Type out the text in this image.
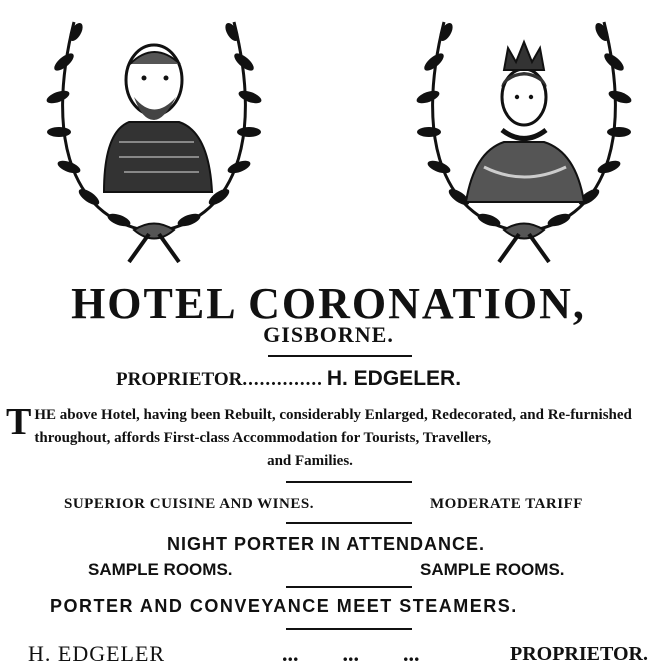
HOTEL CORONATION,
GISBORNE.
PROPRIETOR.............. H. EDGELER.
T HE above Hotel, having been Rebuilt, considerably Enlarged, Redecorated, and Re-furnished throughout, affords First-class Accommodation for Tourists, Travellers,
and Families.
SUPERIOR CUISINE AND WINES.	MODERATE TARIFF
NIGHT PORTER IN ATTENDANCE.
SAMPLE ROOMS.	SAMPLE ROOMS.
PORTER AND CONVEYANCE MEET STEAMERS.
H. EDGELER	...        ...        ...	PROPRIETOR.
